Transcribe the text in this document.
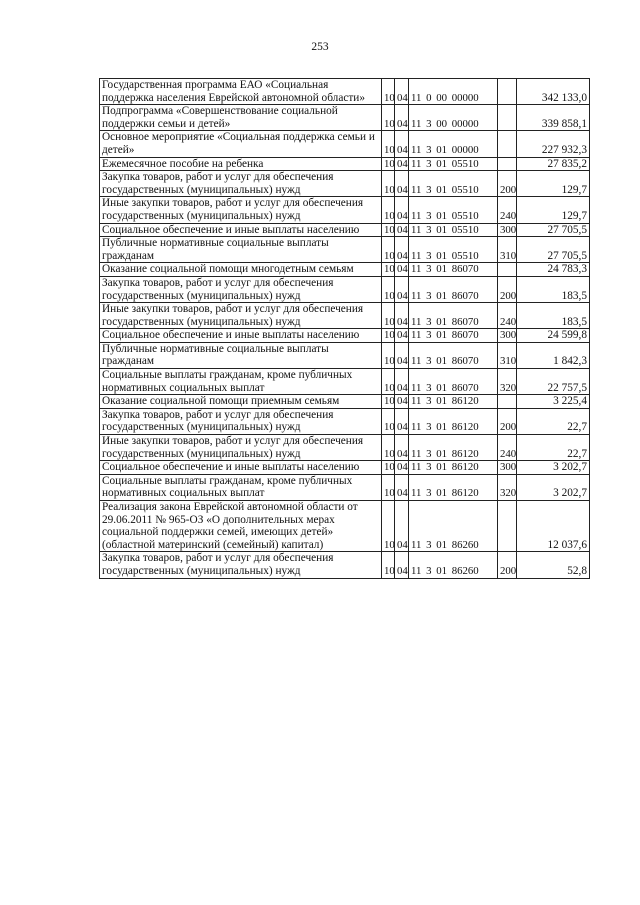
253
Государственная программа ЕАО «Социальная поддержка населения Еврейской автономной области»	10	04	11 0 00 00000		342 133,0
Подпрограмма «Совершенствование социальной поддержки семьи и детей»	10	04	11 3 00 00000		339 858,1
Основное мероприятие «Социальная поддержка семьи и детей»	10	04	11 3 01 00000		227 932,3
Ежемесячное пособие на ребенка	10	04	11 3 01 05510		27 835,2
Закупка товаров, работ и услуг для обеспечения государственных (муниципальных) нужд	10	04	11 3 01 05510	200	129,7
Иные закупки товаров, работ и услуг для обеспечения государственных (муниципальных) нужд	10	04	11 3 01 05510	240	129,7
Социальное обеспечение и иные выплаты населению	10	04	11 3 01 05510	300	27 705,5
Публичные нормативные социальные выплаты гражданам	10	04	11 3 01 05510	310	27 705,5
Оказание социальной помощи многодетным семьям	10	04	11 3 01 86070		24 783,3
Закупка товаров, работ и услуг для обеспечения государственных (муниципальных) нужд	10	04	11 3 01 86070	200	183,5
Иные закупки товаров, работ и услуг для обеспечения государственных (муниципальных) нужд	10	04	11 3 01 86070	240	183,5
Социальное обеспечение и иные выплаты населению	10	04	11 3 01 86070	300	24 599,8
Публичные нормативные социальные выплаты гражданам	10	04	11 3 01 86070	310	1 842,3
Социальные выплаты гражданам, кроме публичных нормативных социальных выплат	10	04	11 3 01 86070	320	22 757,5
Оказание социальной помощи приемным семьям	10	04	11 3 01 86120		3 225,4
Закупка товаров, работ и услуг для обеспечения государственных (муниципальных) нужд	10	04	11 3 01 86120	200	22,7
Иные закупки товаров, работ и услуг для обеспечения государственных (муниципальных) нужд	10	04	11 3 01 86120	240	22,7
Социальное обеспечение и иные выплаты населению	10	04	11 3 01 86120	300	3 202,7
Социальные выплаты гражданам, кроме публичных нормативных социальных выплат	10	04	11 3 01 86120	320	3 202,7
Реализация закона Еврейской автономной области от 29.06.2011 № 965-ОЗ «О дополнительных мерах социальной поддержки семей, имеющих детей» (областной материнский (семейный) капитал)	10	04	11 3 01 86260		12 037,6
Закупка товаров, работ и услуг для обеспечения государственных (муниципальных) нужд	10	04	11 3 01 86260	200	52,8
